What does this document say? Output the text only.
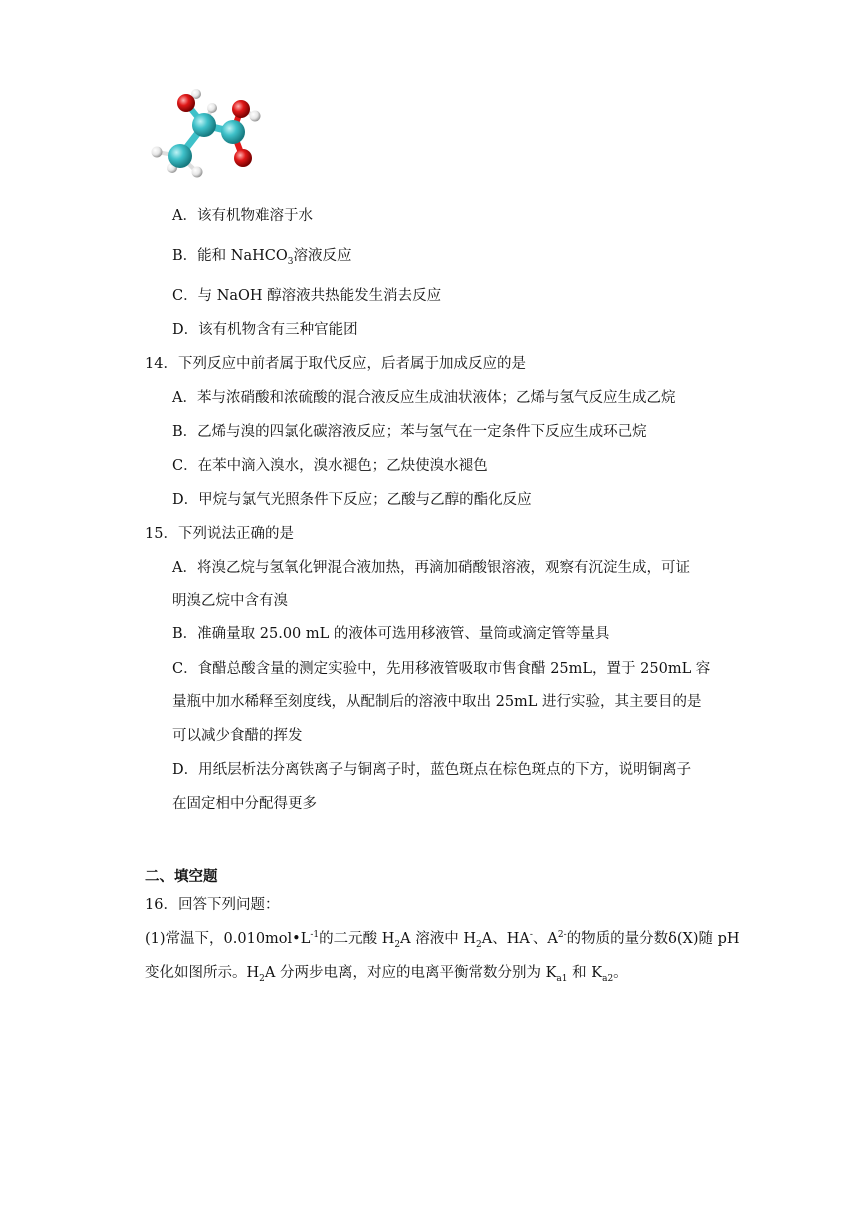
A．该有机物难溶于水
B．能和 NaHCO$_3$溶液反应
C．与 NaOH 醇溶液共热能发生消去反应
D．该有机物含有三种官能团
14．下列反应中前者属于取代反应，后者属于加成反应的是
A．苯与浓硝酸和浓硫酸的混合液反应生成油状液体；乙烯与氢气反应生成乙烷
B．乙烯与溴的四氯化碳溶液反应；苯与氢气在一定条件下反应生成环己烷
C．在苯中滴入溴水，溴水褪色；乙炔使溴水褪色
D．甲烷与氯气光照条件下反应；乙酸与乙醇的酯化反应
15．下列说法正确的是
A．将溴乙烷与氢氧化钾混合液加热，再滴加硝酸银溶液，观察有沉淀生成，可证
明溴乙烷中含有溴
B．准确量取 25.00 mL 的液体可选用移液管、量筒或滴定管等量具
C．食醋总酸含量的测定实验中，先用移液管吸取市售食醋 25mL，置于 250mL 容
量瓶中加水稀释至刻度线，从配制后的溶液中取出 25mL 进行实验，其主要目的是
可以减少食醋的挥发
D．用纸层析法分离铁离子与铜离子时，蓝色斑点在棕色斑点的下方，说明铜离子
在固定相中分配得更多
二、填空题
16．回答下列问题：
(1)常温下，$0.010mol•L^{-1}$的二元酸 $H_2A$ 溶液中 $H_2A$、HA-、$A^{2-}$的物质的量分数δ(X)随 pH
变化如图所示。$H_2A$ 分两步电离，对应的电离平衡常数分别为 $K_{a1}$ 和 $K_{a2}$。
